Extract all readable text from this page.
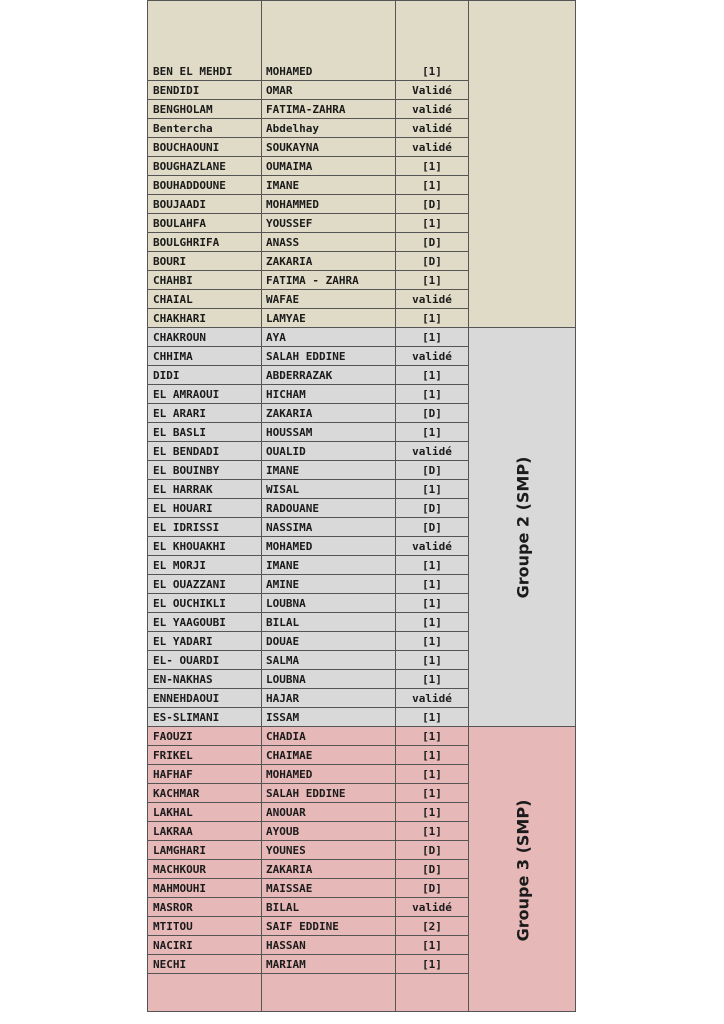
BEN EL MEHDI	MOHAMED	[1]
BENDIDI	OMAR	Validé
BENGHOLAM	FATIMA-ZAHRA	validé
Bentercha	Abdelhay	validé
BOUCHAOUNI	SOUKAYNA	validé
BOUGHAZLANE	OUMAIMA	[1]
BOUHADDOUNE	IMANE	[1]
BOUJAADI	MOHAMMED	[D]
BOULAHFA	YOUSSEF	[1]
BOULGHRIFA	ANASS	[D]
BOURI	ZAKARIA	[D]
CHAHBI	FATIMA - ZAHRA	[1]
CHAIAL	WAFAE	validé
CHAKHARI	LAMYAE	[1]
CHAKROUN	AYA	[1]
CHHIMA	SALAH EDDINE	validé
DIDI	ABDERRAZAK	[1]
EL AMRAOUI	HICHAM	[1]
EL ARARI	ZAKARIA	[D]
EL BASLI	HOUSSAM	[1]
EL BENDADI	OUALID	validé
EL BOUINBY	IMANE	[D]
EL HARRAK	WISAL	[1]
EL HOUARI	RADOUANE	[D]
EL IDRISSI	NASSIMA	[D]
EL KHOUAKHI	MOHAMED	validé
EL MORJI	IMANE	[1]
EL OUAZZANI	AMINE	[1]
EL OUCHIKLI	LOUBNA	[1]
EL YAAGOUBI	BILAL	[1]
EL YADARI	DOUAE	[1]
EL- OUARDI	SALMA	[1]
EN-NAKHAS	LOUBNA	[1]
ENNEHDAOUI	HAJAR	validé
ES-SLIMANI	ISSAM	[1]
FAOUZI	CHADIA	[1]
FRIKEL	CHAIMAE	[1]
HAFHAF	MOHAMED	[1]
KACHMAR	SALAH EDDINE	[1]
LAKHAL	ANOUAR	[1]
LAKRAA	AYOUB	[1]
LAMGHARI	YOUNES	[D]
MACHKOUR	ZAKARIA	[D]
MAHMOUHI	MAISSAE	[D]
MASROR	BILAL	validé
MTITOU	SAIF EDDINE	[2]
NACIRI	HASSAN	[1]
NECHI	MARIAM	[1]
Groupe 2 (SMP)
Groupe 3 (SMP)
